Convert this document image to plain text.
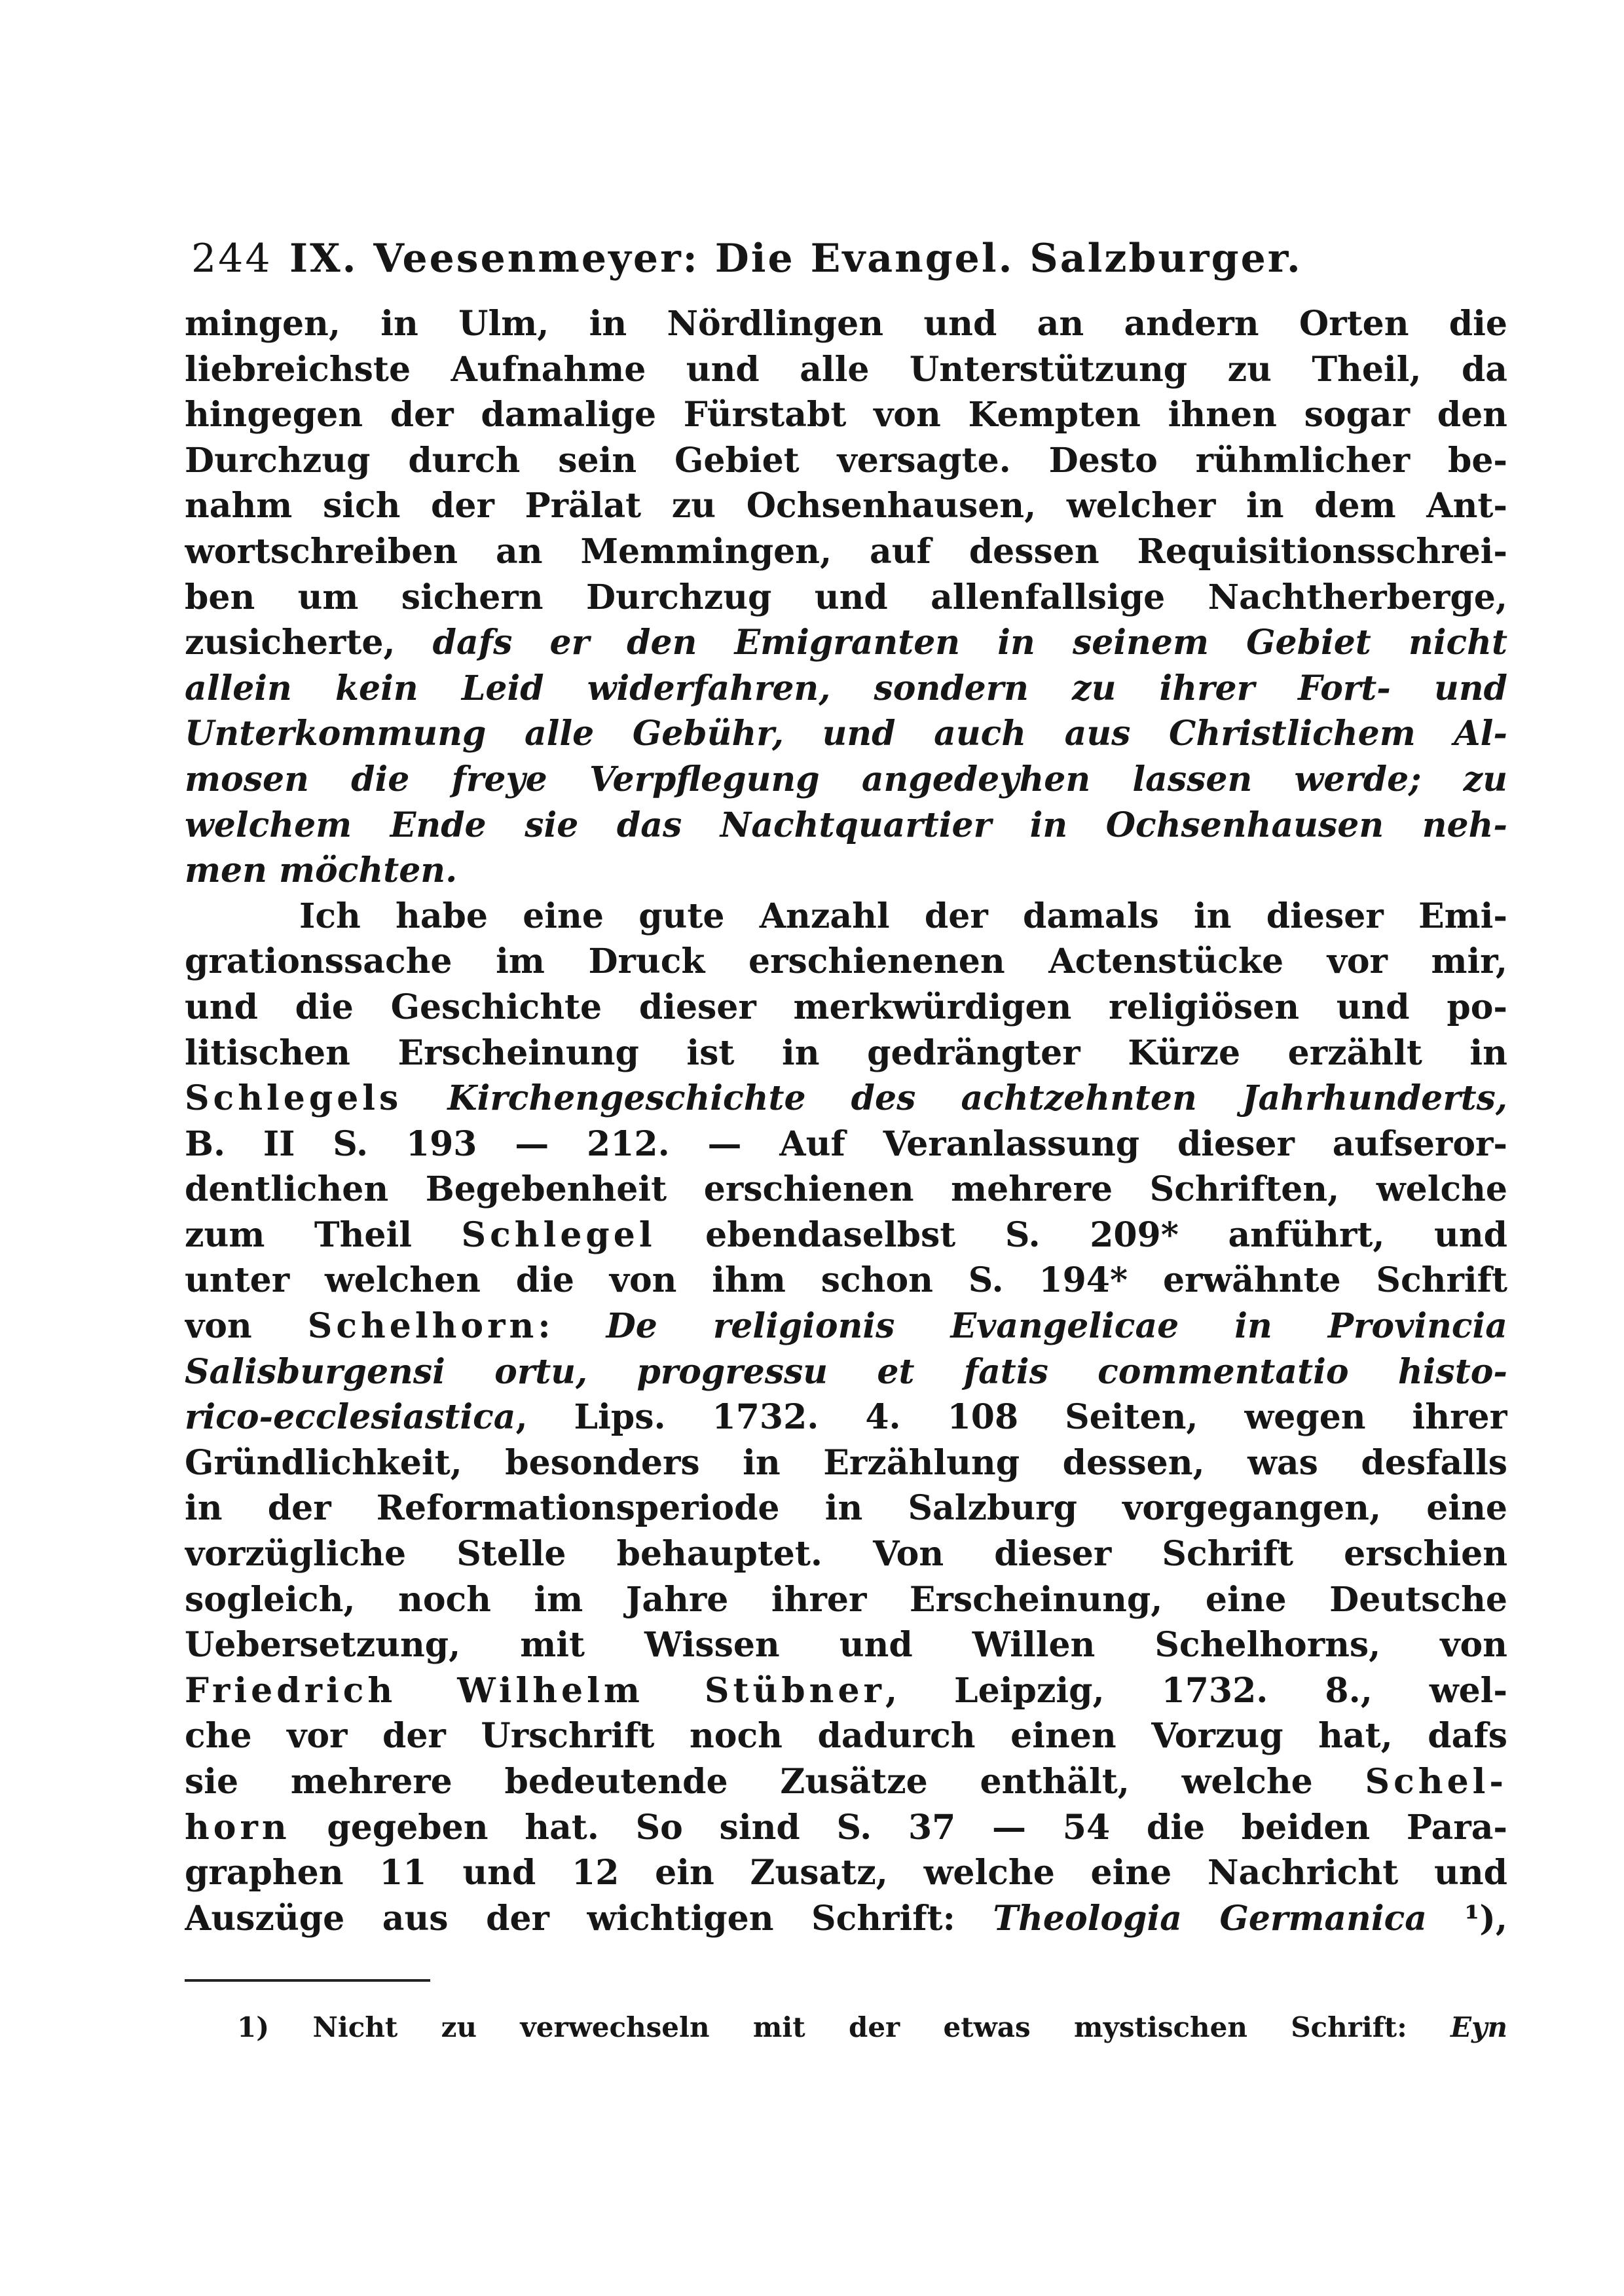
244 IX. Veesenmeyer: Die Evangel. Salzburger.
mingen, in Ulm, in Nördlingen und an andern Orten die
liebreichste Aufnahme und alle Unterstützung zu Theil, da
hingegen der damalige Fürstabt von Kempten ihnen sogar den
Durchzug durch sein Gebiet versagte. Desto rühmlicher be-
nahm sich der Prälat zu Ochsenhausen, welcher in dem Ant-
wortschreiben an Memmingen, auf dessen Requisitionsschrei-
ben um sichern Durchzug und allenfallsige Nachtherberge,
zusicherte, dafs er den Emigranten in seinem Gebiet nicht
allein kein Leid widerfahren, sondern zu ihrer Fort- und
Unterkommung alle Gebühr, und auch aus Christlichem Al-
mosen die freye Verpflegung angedeyhen lassen werde; zu
welchem Ende sie das Nachtquartier in Ochsenhausen neh-
men möchten.
Ich habe eine gute Anzahl der damals in dieser Emi-
grationssache im Druck erschienenen Actenstücke vor mir,
und die Geschichte dieser merkwürdigen religiösen und po-
litischen Erscheinung ist in gedrängter Kürze erzählt in
Schlegels Kirchengeschichte des achtzehnten Jahrhunderts,
B. II S. 193 — 212. — Auf Veranlassung dieser aufseror-
dentlichen Begebenheit erschienen mehrere Schriften, welche
zum Theil Schlegel ebendaselbst S. 209* anführt, und
unter welchen die von ihm schon S. 194* erwähnte Schrift
von Schelhorn: De religionis Evangelicae in Provincia
Salisburgensi ortu, progressu et fatis commentatio histo-
rico-ecclesiastica, Lips. 1732. 4. 108 Seiten, wegen ihrer
Gründlichkeit, besonders in Erzählung dessen, was desfalls
in der Reformationsperiode in Salzburg vorgegangen, eine
vorzügliche Stelle behauptet. Von dieser Schrift erschien
sogleich, noch im Jahre ihrer Erscheinung, eine Deutsche
Uebersetzung, mit Wissen und Willen Schelhorns, von
Friedrich Wilhelm Stübner, Leipzig, 1732. 8., wel-
che vor der Urschrift noch dadurch einen Vorzug hat, dafs
sie mehrere bedeutende Zusätze enthält, welche Schel-
horn gegeben hat. So sind S. 37 — 54 die beiden Para-
graphen 11 und 12 ein Zusatz, welche eine Nachricht und
Auszüge aus der wichtigen Schrift: Theologia Germanica ¹),
1) Nicht zu verwechseln mit der etwas mystischen Schrift: Eyn
